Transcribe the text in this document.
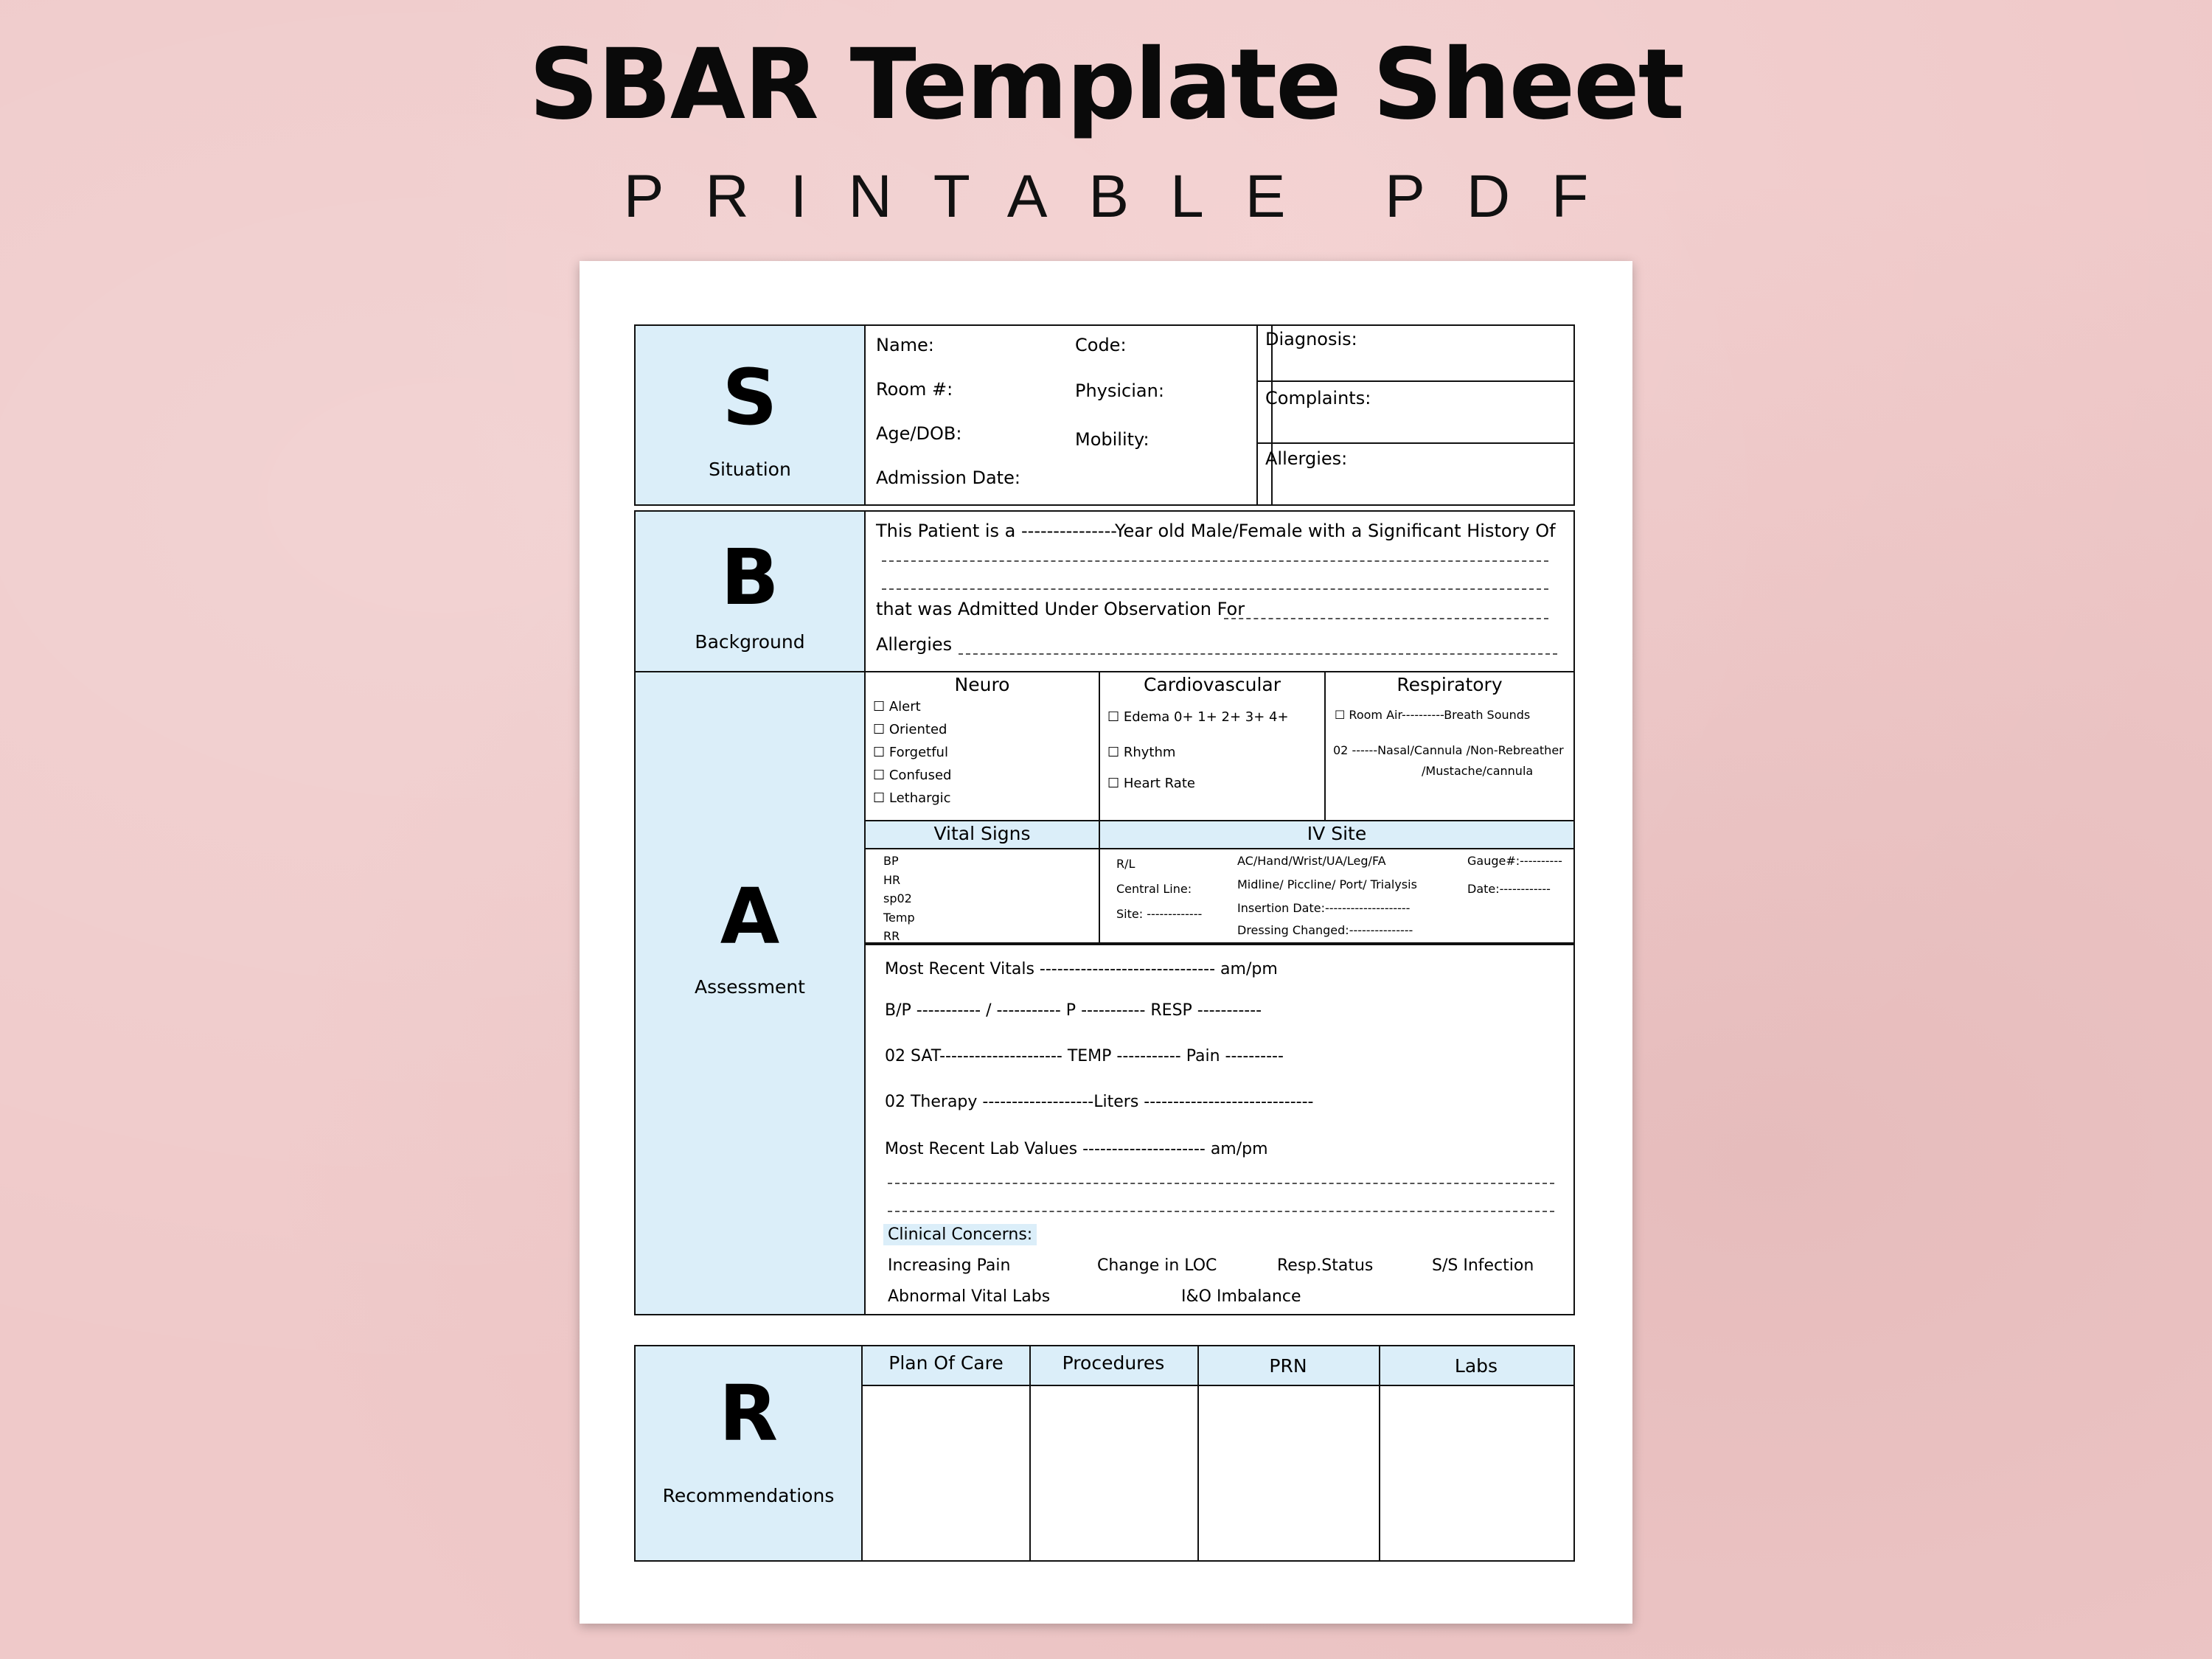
SBAR Template Sheet
PRINTABLE PDF
S
Situation
Name:	Code:
Room #:	Physician:
Age/DOB:	Mobility:
Admission Date:
Diagnosis:
Complaints:
Allergies:
B
Background
This Patient is a ---------------Year old Male/Female with a Significant History Of
that was Admitted Under Observation For
Allergies
A
Assessment
Neuro
☐ Alert
☐ Oriented
☐ Forgetful
☐ Confused
☐ Lethargic
Cardiovascular
☐ Edema 0+ 1+ 2+ 3+ 4+
☐ Rhythm
☐ Heart Rate
Respiratory
☐ Room Air----------Breath Sounds
02 ------Nasal/Cannula /Non-Rebreather
/Mustache/cannula
Vital Signs
BP
HR
sp02
Temp
RR
IV Site
R/L
Central Line:
Site: -------------
AC/Hand/Wrist/UA/Leg/FA
Midline/ Piccline/ Port/ Trialysis
Insertion Date:--------------------
Dressing Changed:---------------
Gauge#:----------
Date:------------
Most Recent Vitals ------------------------------ am/pm
B/P ----------- / ----------- P ----------- RESP -----------
02 SAT--------------------- TEMP ----------- Pain ----------
02 Therapy -------------------Liters -----------------------------
Most Recent Lab Values --------------------- am/pm
Clinical Concerns:
Increasing Pain	Change in LOC	Resp.Status	S/S Infection
Abnormal Vital Labs	I&O Imbalance
R
Recommendations
Plan Of Care	Procedures	PRN	Labs
